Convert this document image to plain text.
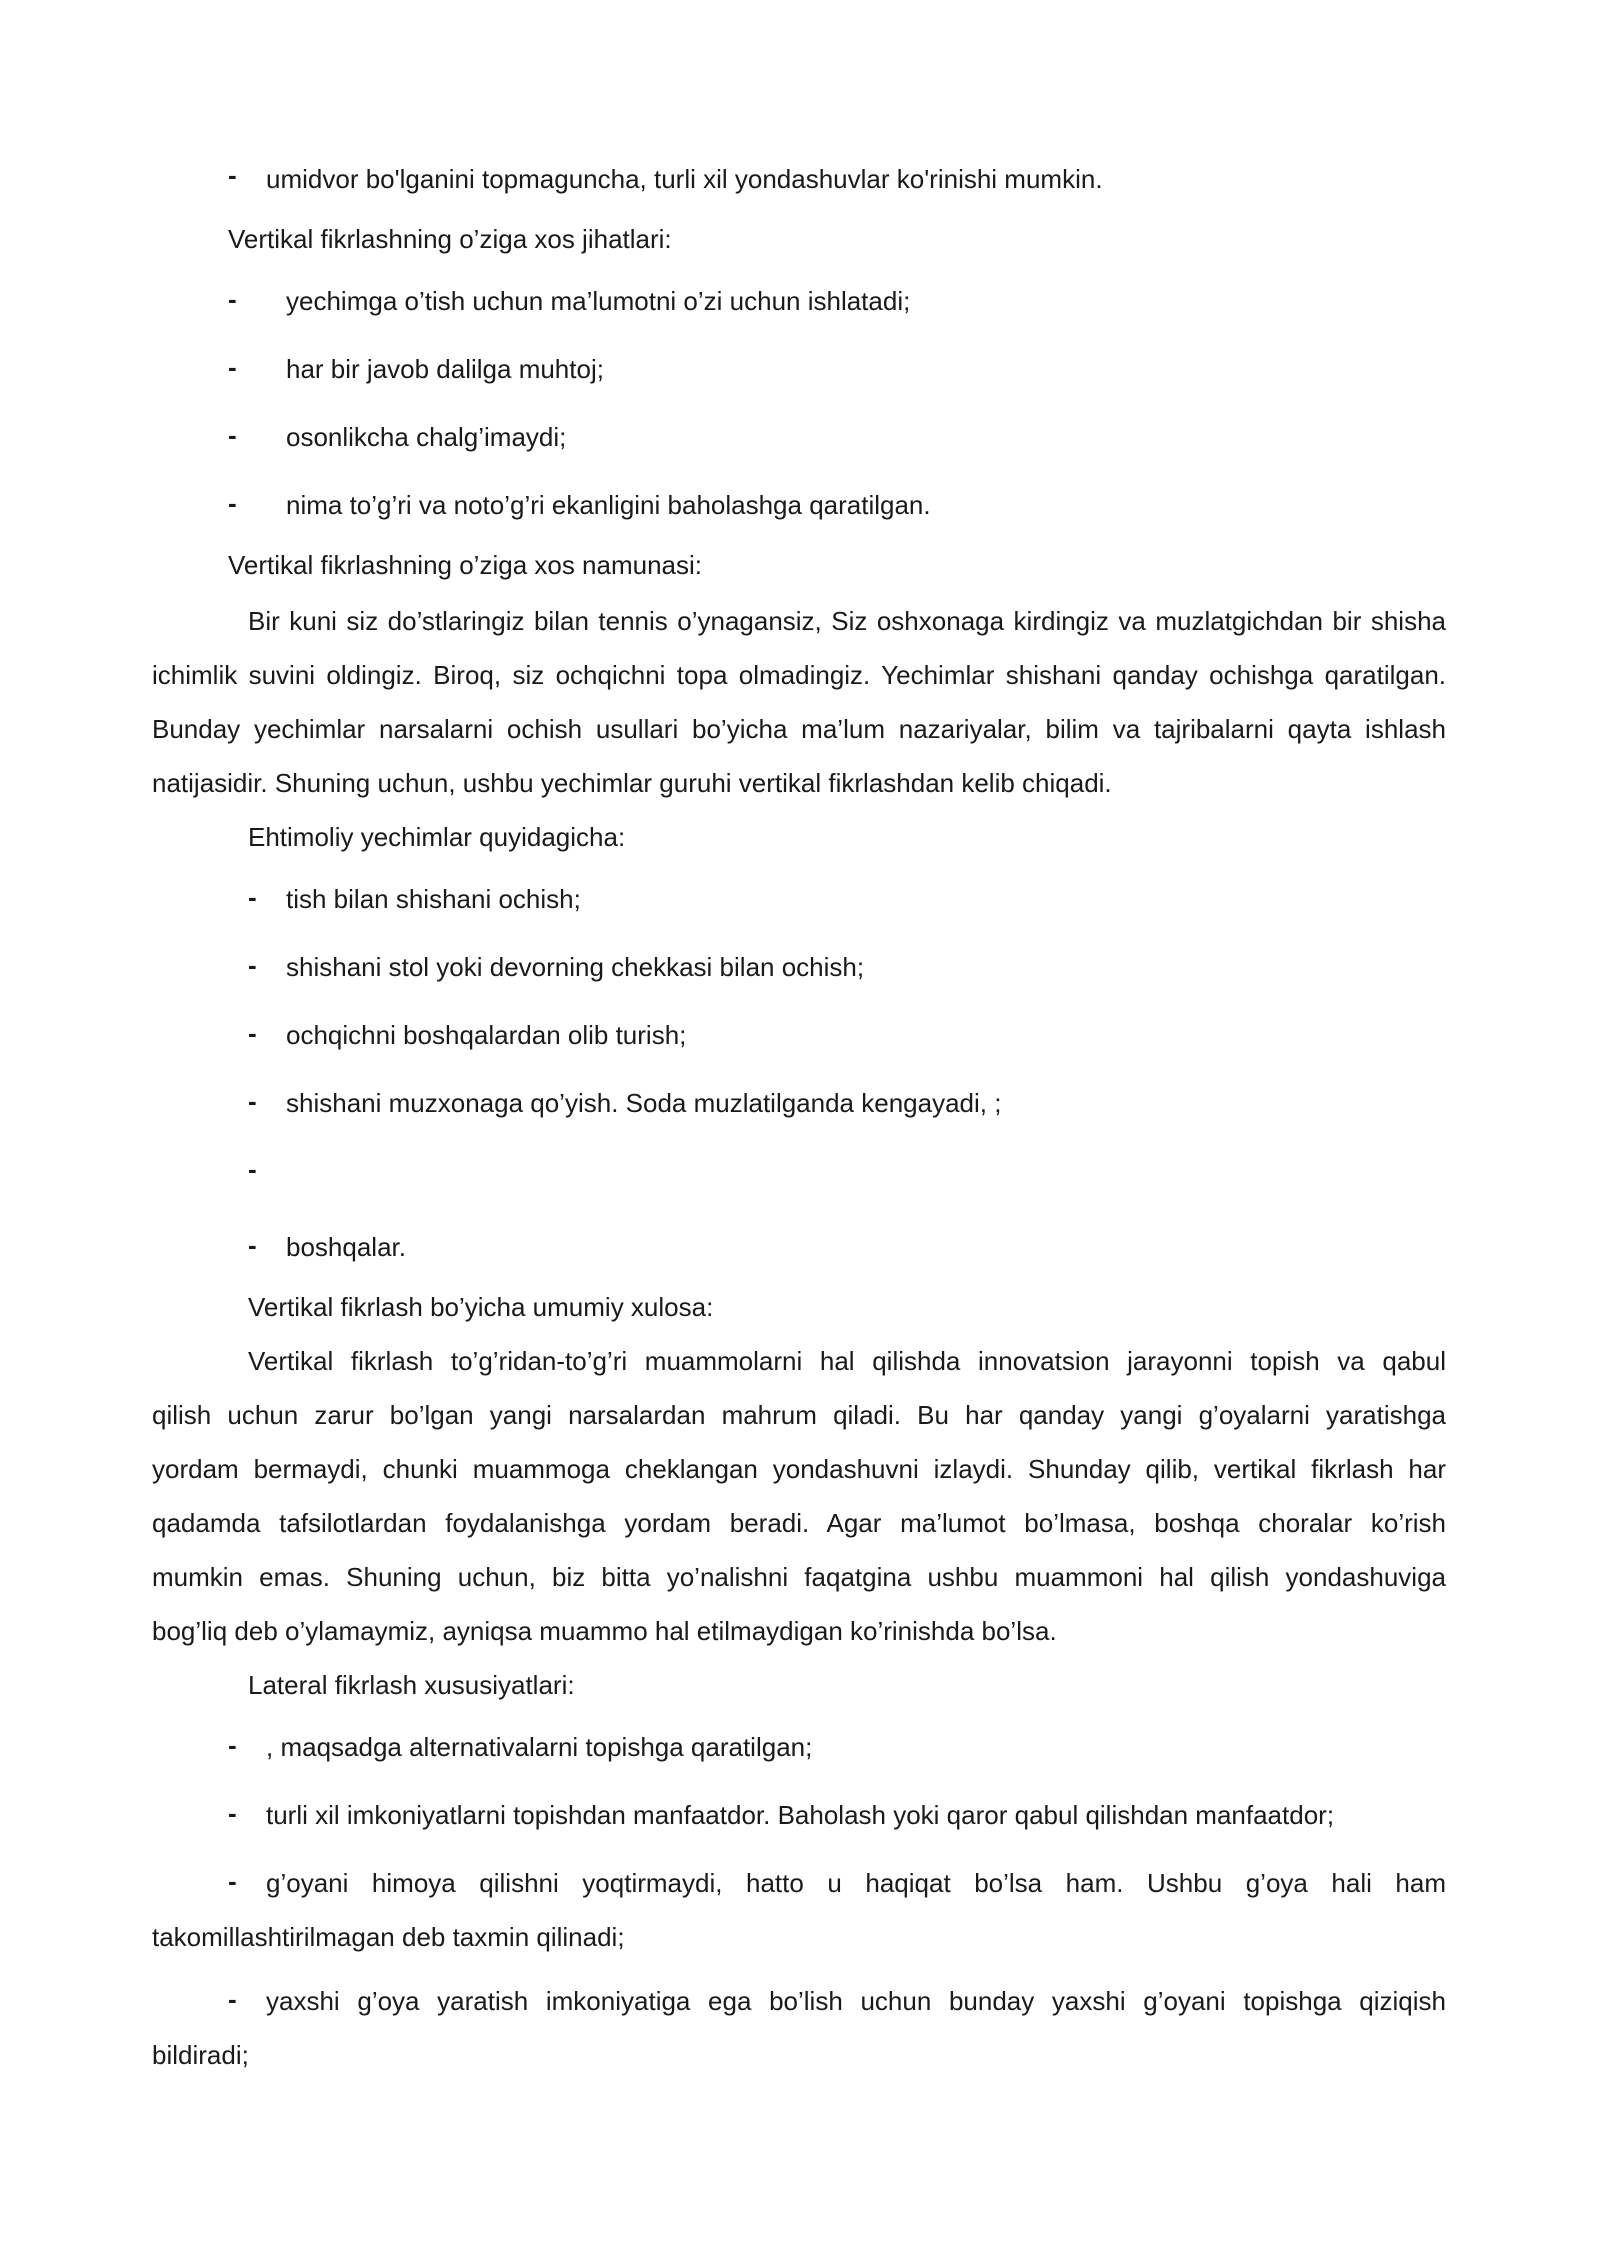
- umidvor bo'lganini topmaguncha, turli xil yondashuvlar ko'rinishi mumkin.
Vertikal fikrlashning o’ziga xos jihatlari:
- yechimga o’tish uchun ma’lumotni o’zi uchun ishlatadi;
- har bir javob dalilga muhtoj;
- osonlikcha chalg’imaydi;
- nima to’g’ri va noto’g’ri ekanligini baholashga qaratilgan.
Vertikal fikrlashning o’ziga xos namunasi:
Bir kuni siz do’stlaringiz bilan tennis o’ynagansiz, Siz oshxonaga kirdingiz va muzlatgichdan bir shisha
ichimlik suvini oldingiz. Biroq, siz ochqichni topa olmadingiz. Yechimlar shishani qanday ochishga qaratilgan.
Bunday yechimlar narsalarni ochish usullari bo’yicha ma’lum nazariyalar, bilim va tajribalarni qayta ishlash
natijasidir. Shuning uchun, ushbu yechimlar guruhi vertikal fikrlashdan kelib chiqadi.
Ehtimoliy yechimlar quyidagicha:
- tish bilan shishani ochish;
- shishani stol yoki devorning chekkasi bilan ochish;
- ochqichni boshqalardan olib turish;
- shishani muzxonaga qo’yish. Soda muzlatilganda kengayadi, ;
-
- boshqalar.
Vertikal fikrlash bo’yicha umumiy xulosa:
Vertikal fikrlash to’g’ridan-to’g’ri muammolarni hal qilishda innovatsion jarayonni topish va qabul
qilish uchun zarur bo’lgan yangi narsalardan mahrum qiladi. Bu har qanday yangi g’oyalarni yaratishga
yordam bermaydi, chunki muammoga cheklangan yondashuvni izlaydi. Shunday qilib, vertikal fikrlash har
qadamda tafsilotlardan foydalanishga yordam beradi. Agar ma’lumot bo’lmasa, boshqa choralar ko’rish
mumkin emas. Shuning uchun, biz bitta yo’nalishni faqatgina ushbu muammoni hal qilish yondashuviga
bog’liq deb o’ylamaymiz, ayniqsa muammo hal etilmaydigan ko’rinishda bo’lsa.
Lateral fikrlash xususiyatlari:
- , maqsadga alternativalarni topishga qaratilgan;
- turli xil imkoniyatlarni topishdan manfaatdor. Baholash yoki qaror qabul qilishdan manfaatdor;
- g’oyani himoya qilishni yoqtirmaydi, hatto u haqiqat bo’lsa ham. Ushbu g’oya hali ham
takomillashtirilmagan deb taxmin qilinadi;
- yaxshi g’oya yaratish imkoniyatiga ega bo’lish uchun bunday yaxshi g’oyani topishga qiziqish
bildiradi;
